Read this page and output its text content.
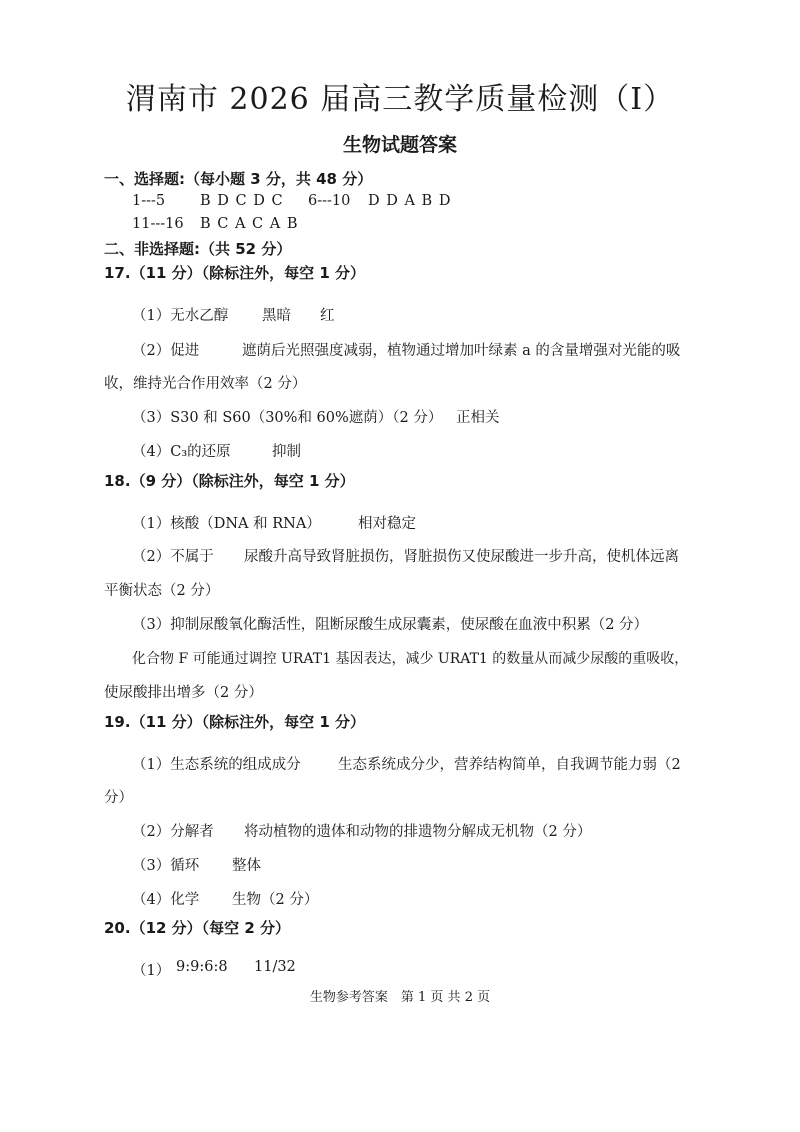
渭南市 2026 届高三教学质量检测（Ⅰ）
生物试题答案
一、选择题:（每小题 3 分，共 48 分）
1---5 B D C D C 6---10 D D A B D
11---16 B C A C A B
二、非选择题:（共 52 分）
17.（11 分）（除标注外，每空 1 分）
（1）无水乙醇 黑暗 红
（2）促进	遮荫后光照强度减弱，植物通过增加叶绿素 a 的含量增强对光能的吸
收，维持光合作用效率（2 分）
（3）S30 和 S60（30%和 60%遮荫）（2 分） 正相关
（4）C₃的还原	抑制
18.（9 分）（除标注外，每空 1 分）
（1）核酸（DNA 和 RNA）	相对稳定
（2）不属于 尿酸升高导致肾脏损伤，肾脏损伤又使尿酸进一步升高，使机体远离
平衡状态（2 分）
（3）抑制尿酸氧化酶活性，阻断尿酸生成尿囊素，使尿酸在血液中积累（2 分）
化合物 F 可能通过调控 URAT1 基因表达，减少 URAT1 的数量从而减少尿酸的重吸收，
使尿酸排出增多（2 分）
19.（11 分）（除标注外，每空 1 分）
（1）生态系统的组成成分	生态系统成分少，营养结构简单，自我调节能力弱（2
分）
（2）分解者 将动植物的遗体和动物的排遗物分解成无机物（2 分）
（3）循环 整体
（4）化学 生物（2 分）
20.（12 分）（每空 2 分）
（1） 9:9:6:8 11/32
生物参考答案　第 1 页 共 2 页
